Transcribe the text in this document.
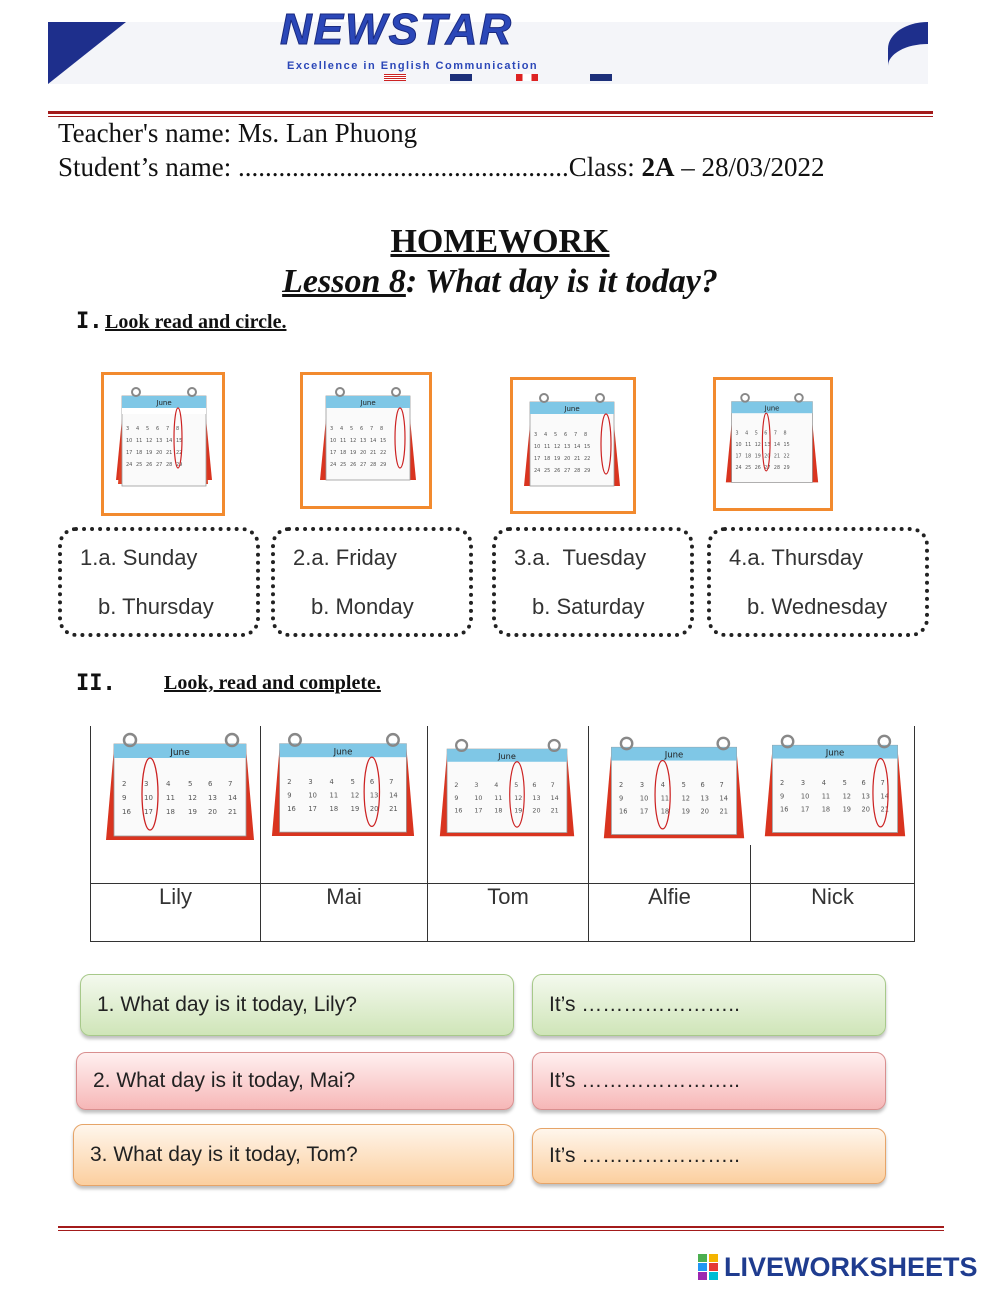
NEWSTAR
Excellence in English Communication
Teacher's name: Ms. Lan Phuong
Student’s name: .................................................Class: 2A – 28/03/2022
HOMEWORK
Lesson 8: What day is it today?
I. Look read and circle.
June
3 4 5 6 7 8
10 11 12 13 14 15
17 18 19 20 21 22
24 25 26 27 28 29
June
3 4 5 6 7 8
10 11 12 13 14 15
17 18 19 20 21 22
24 25 26 27 28 29
June
3 4 5 6 7 8
10 11 12 13 14 15
17 18 19 20 21 22
24 25 26 27 28 29
June
3 4 5 6 7 8
10 11 12 13 14 15
17 18 19 20 21 22
24 25 26 27 28 29
1.a. Sunday
b. Thursday
2.a. Friday
b. Monday
3.a.  Tuesday
b. Saturday
4.a. Thursday
b. Wednesday
II. Look, read and complete.
June
2	3	4	5 6 7
9	10 11 12 13 14
16 17 18 19 20 21
June
2 3 4 5 6 7
9 10 11 12 13 14
16 17 18 19 20 21
June
2 3 4 5 6 7
9 10 11 12 13 14
16 17 18 19 20 21
June
2 3 4 5 6 7
9 10 11 12 13 14
16 17 18 19 20 21
June
2 3 4 5 6 7
9 10 11 12 13 14
16 17 18 19 20 21
Lily	Mai	Tom	Alfie	Nick
1. What day is it today, Lily?	It’s …………………..
2. What day is it today, Mai?	It’s …………………..
3. What day is it today, Tom?	It’s …………………..
LIVEWORKSHEETS
